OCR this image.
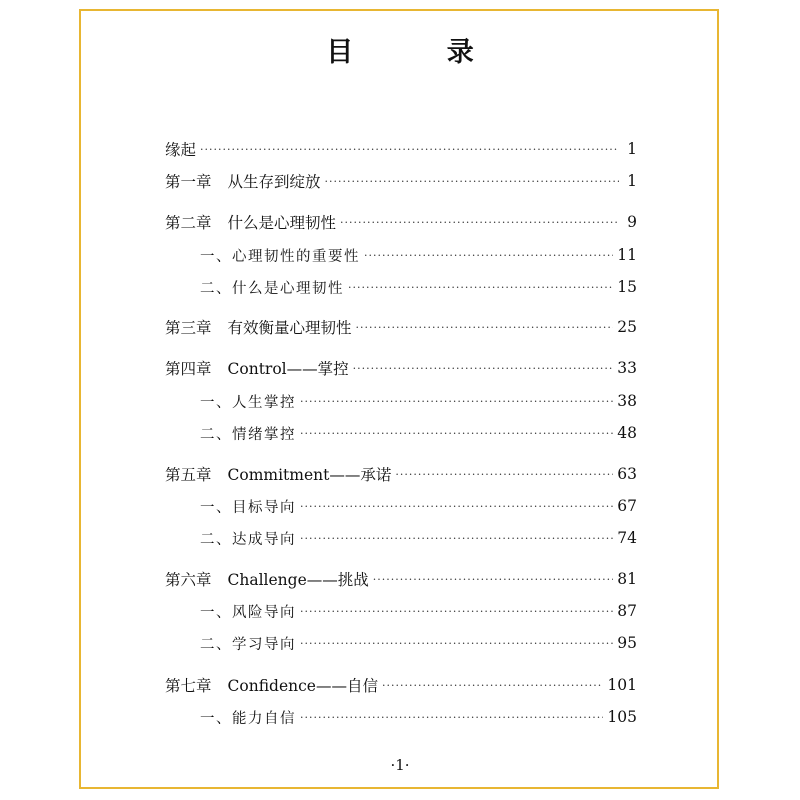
目 录
缘起 ·····	1
第一章 从生存到绽放 ·····	1
第二章 什么是心理韧性 ·····	9
一、心理韧性的重要性 ·····	11
二、什么是心理韧性 ·····	15
第三章 有效衡量心理韧性 ·····	25
第四章 Control——掌控 ·····	33
一、人生掌控 ·····	38
二、情绪掌控 ·····	48
第五章 Commitment——承诺 ·····	63
一、目标导向 ·····	67
二、达成导向 ·····	74
第六章 Challenge——挑战 ·····	81
一、风险导向 ·····	87
二、学习导向 ·····	95
第七章 Confidence——自信 ·····	101
一、能力自信 ·····	105
·1·
